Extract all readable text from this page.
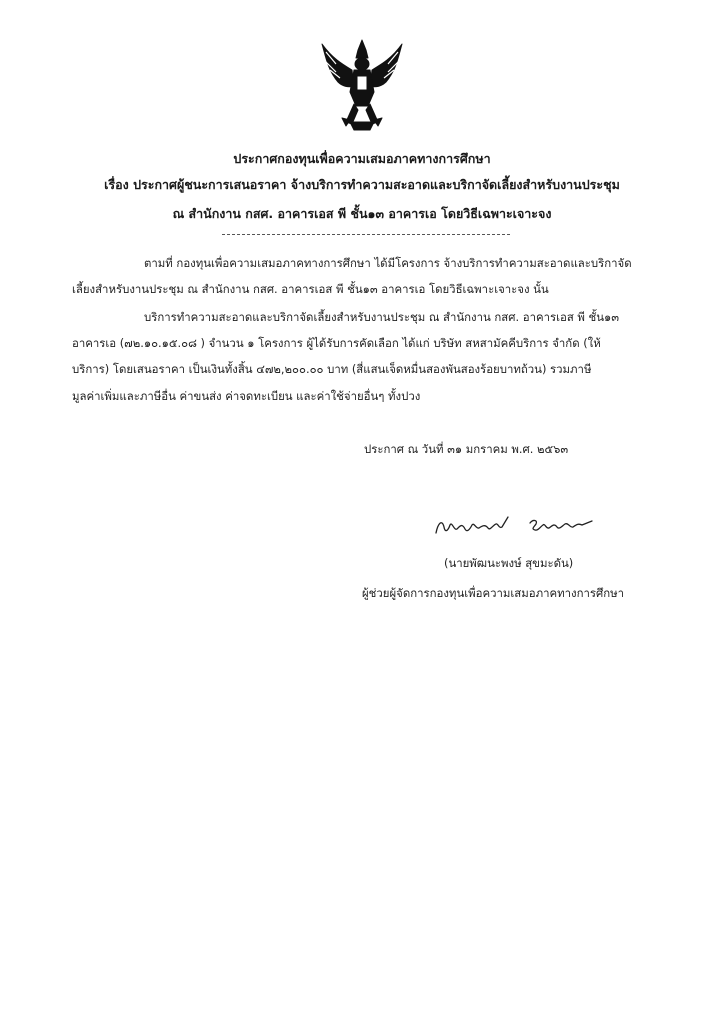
ประกาศกองทุนเพื่อความเสมอภาคทางการศึกษา
เรื่อง ประกาศผู้ชนะการเสนอราคา จ้างบริการทำความสะอาดและบริกาจัดเลี้ยงสำหรับงานประชุม
ณ สำนักงาน กสศ. อาคารเอส พี ชั้น๑๓ อาคารเอ โดยวิธีเฉพาะเจาะจง
ตามที่ กองทุนเพื่อความเสมอภาคทางการศึกษา ได้มีโครงการ จ้างบริการทำความสะอาดและบริกาจัด
เลี้ยงสำหรับงานประชุม ณ สำนักงาน กสศ. อาคารเอส พี ชั้น๑๓ อาคารเอ โดยวิธีเฉพาะเจาะจง นั้น
บริการทำความสะอาดและบริกาจัดเลี้ยงสำหรับงานประชุม ณ สำนักงาน กสศ. อาคารเอส พี ชั้น๑๓
อาคารเอ (๗๒.๑๐.๑๕.๐๘ ) จำนวน ๑ โครงการ ผู้ได้รับการคัดเลือก ได้แก่ บริษัท สหสามัคคีบริการ จำกัด (ให้
บริการ) โดยเสนอราคา เป็นเงินทั้งสิ้น ๔๗๒,๒๐๐.๐๐ บาท (สี่แสนเจ็ดหมื่นสองพันสองร้อยบาทถ้วน) รวมภาษี
มูลค่าเพิ่มและภาษีอื่น ค่าขนส่ง ค่าจดทะเบียน และค่าใช้จ่ายอื่นๆ ทั้งปวง
ประกาศ ณ วันที่ ๓๑ มกราคม พ.ศ. ๒๕๖๓
(นายพัฒนะพงษ์ สุขมะดัน)
ผู้ช่วยผู้จัดการกองทุนเพื่อความเสมอภาคทางการศึกษา
